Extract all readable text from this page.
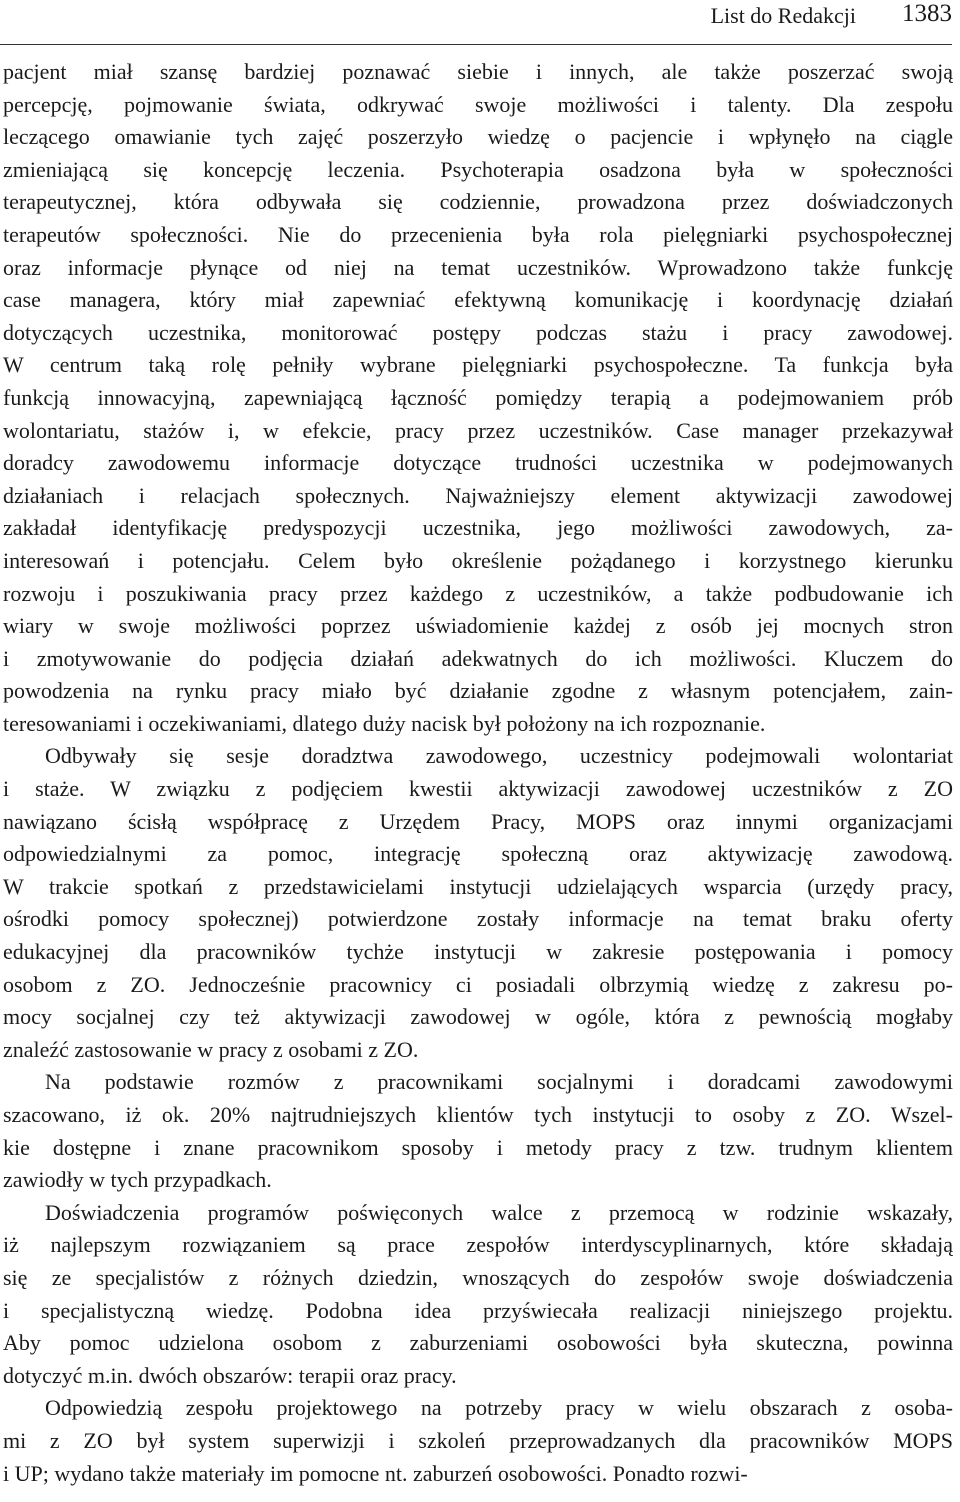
List do Redakcji 1383
pacjent miał szansę bardziej poznawać siebie i innych, ale także poszerzać swoją
percepcję, pojmowanie świata, odkrywać swoje możliwości i talenty. Dla zespołu
leczącego omawianie tych zajęć poszerzyło wiedzę o pacjencie i wpłynęło na ciągle
zmieniającą się koncepcję leczenia. Psychoterapia osadzona była w społeczności
terapeutycznej, która odbywała się codziennie, prowadzona przez doświadczonych
terapeutów społeczności. Nie do przecenienia była rola pielęgniarki psychospołecznej
oraz informacje płynące od niej na temat uczestników. Wprowadzono także funkcję
case managera, który miał zapewniać efektywną komunikację i koordynację działań
dotyczących uczestnika, monitorować postępy podczas stażu i pracy zawodowej.
W centrum taką rolę pełniły wybrane pielęgniarki psychospołeczne. Ta funkcja była
funkcją innowacyjną, zapewniającą łączność pomiędzy terapią a podejmowaniem prób
wolontariatu, stażów i, w efekcie, pracy przez uczestników. Case manager przekazywał
doradcy zawodowemu informacje dotyczące trudności uczestnika w podejmowanych
działaniach i relacjach społecznych. Najważniejszy element aktywizacji zawodowej
zakładał identyfikację predyspozycji uczestnika, jego możliwości zawodowych, za-
interesowań i potencjału. Celem było określenie pożądanego i korzystnego kierunku
rozwoju i poszukiwania pracy przez każdego z uczestników, a także podbudowanie ich
wiary w swoje możliwości poprzez uświadomienie każdej z osób jej mocnych stron
i zmotywowanie do podjęcia działań adekwatnych do ich możliwości. Kluczem do
powodzenia na rynku pracy miało być działanie zgodne z własnym potencjałem, zain-
teresowaniami i oczekiwaniami, dlatego duży nacisk był położony na ich rozpoznanie.
Odbywały się sesje doradztwa zawodowego, uczestnicy podejmowali wolontariat
i staże. W związku z podjęciem kwestii aktywizacji zawodowej uczestników z ZO
nawiązano ścisłą współpracę z Urzędem Pracy, MOPS oraz innymi organizacjami
odpowiedzialnymi za pomoc, integrację społeczną oraz aktywizację zawodową.
W trakcie spotkań z przedstawicielami instytucji udzielających wsparcia (urzędy pracy,
ośrodki pomocy społecznej) potwierdzone zostały informacje na temat braku oferty
edukacyjnej dla pracowników tychże instytucji w zakresie postępowania i pomocy
osobom z ZO. Jednocześnie pracownicy ci posiadali olbrzymią wiedzę z zakresu po-
mocy socjalnej czy też aktywizacji zawodowej w ogóle, która z pewnością mogłaby
znaleźć zastosowanie w pracy z osobami z ZO.
Na podstawie rozmów z pracownikami socjalnymi i doradcami zawodowymi
szacowano, iż ok. 20% najtrudniejszych klientów tych instytucji to osoby z ZO. Wszel-
kie dostępne i znane pracownikom sposoby i metody pracy z tzw. trudnym klientem
zawiodły w tych przypadkach.
Doświadczenia programów poświęconych walce z przemocą w rodzinie wskazały,
iż najlepszym rozwiązaniem są prace zespołów interdyscyplinarnych, które składają
się ze specjalistów z różnych dziedzin, wnoszących do zespołów swoje doświadczenia
i specjalistyczną wiedzę. Podobna idea przyświecała realizacji niniejszego projektu.
Aby pomoc udzielona osobom z zaburzeniami osobowości była skuteczna, powinna
dotyczyć m.in. dwóch obszarów: terapii oraz pracy.
Odpowiedzią zespołu projektowego na potrzeby pracy w wielu obszarach z osoba-
mi z ZO był system superwizji i szkoleń przeprowadzanych dla pracowników MOPS
i UP; wydano także materiały im pomocne nt. zaburzeń osobowości. Ponadto rozwi-
